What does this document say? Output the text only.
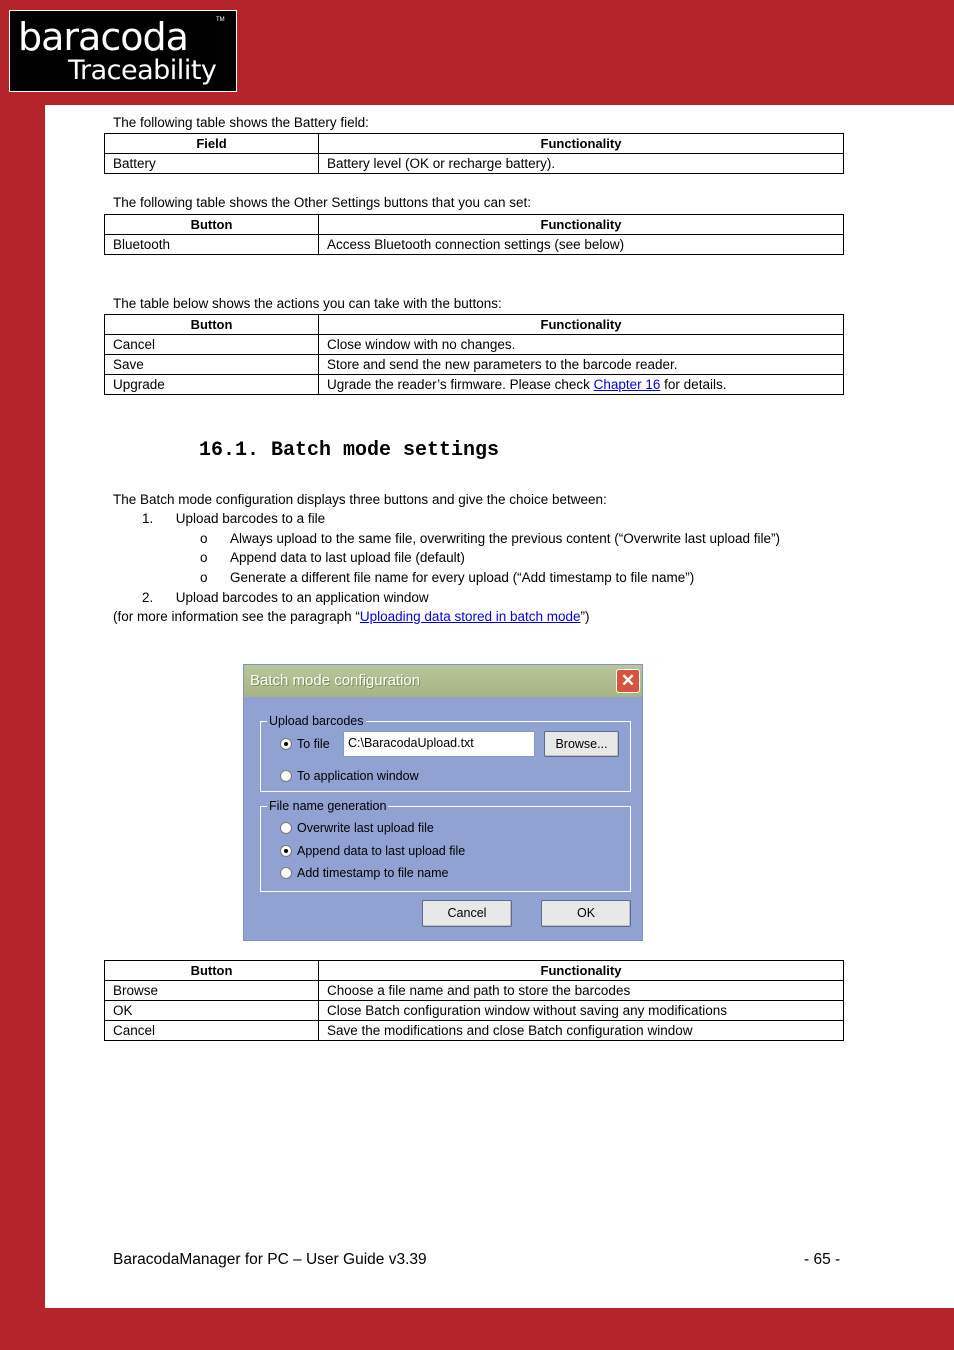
baracoda	TM
Traceability
The following table shows the Battery field:
Field	Functionality
Battery	Battery level (OK or recharge battery).
The following table shows the Other Settings buttons that you can set:
Button	Functionality
Bluetooth	Access Bluetooth connection settings (see below)
The table below shows the actions you can take with the buttons:
Button	Functionality
Cancel	Close window with no changes.
Save	Store and send the new parameters to the barcode reader.
Upgrade	Ugrade the reader’s firmware. Please check Chapter 16 for details.
16.1. Batch mode settings
The Batch mode configuration displays three buttons and give the choice between:
1.      Upload barcodes to a file
o      Always upload to the same file, overwriting the previous content (“Overwrite last upload file”)
o      Append data to last upload file (default)
o      Generate a different file name for every upload (“Add timestamp to file name”)
2.      Upload barcodes to an application window
(for more information see the paragraph “Uploading data stored in batch mode”)
Batch mode configuration	✕
Upload barcodes
To file	C:\BaracodaUpload.txt	Browse...
To application window
File name generation
Overwrite last upload file
Append data to last upload file
Add timestamp to file name
Cancel	OK
Button	Functionality
Browse	Choose a file name and path to store the barcodes
OK	Close Batch configuration window without saving any modifications
Cancel	Save the modifications and close Batch configuration window
BaracodaManager for PC – User Guide v3.39	- 65 -
